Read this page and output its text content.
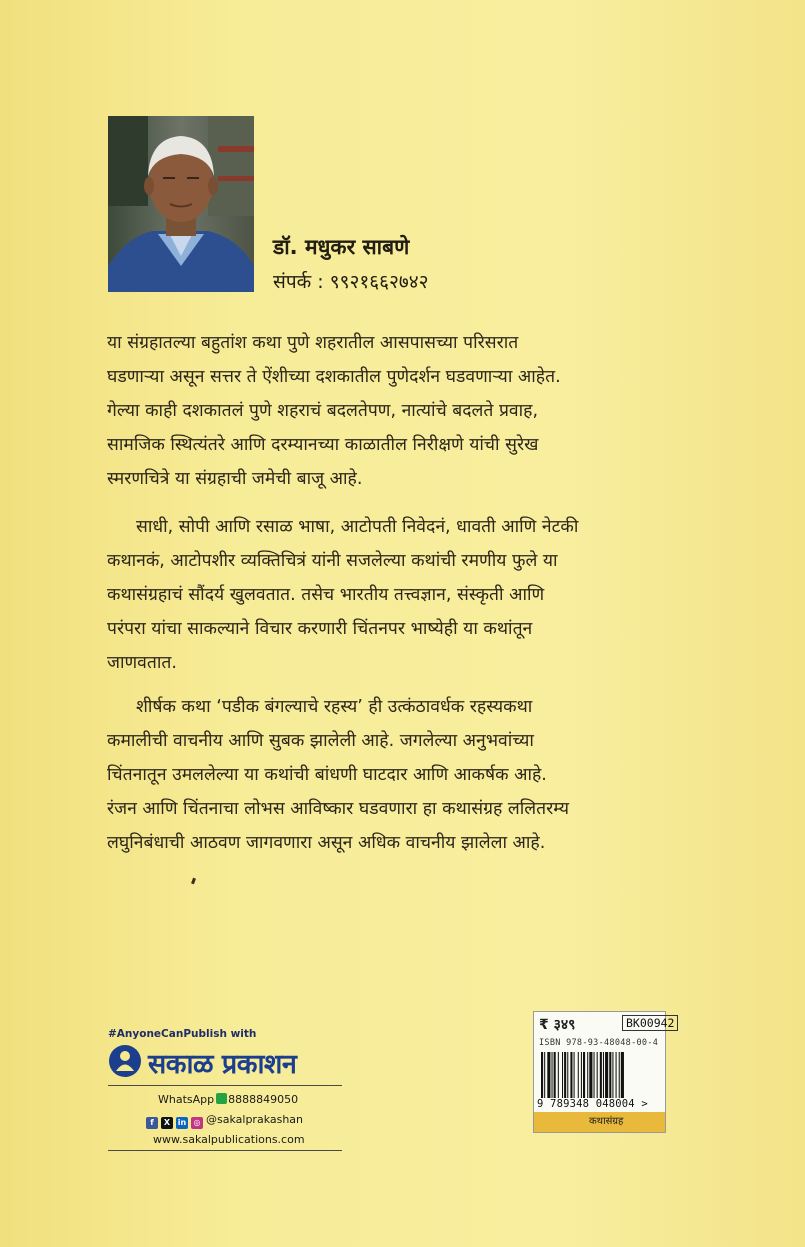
डॉ. मधुकर साबणे
संपर्क : ९९२१६६२७४२
या संग्रहातल्या बहुतांश कथा पुणे शहरातील आसपासच्या परिसरात
घडणाऱ्या असून सत्तर ते ऐंशीच्या दशकातील पुणेदर्शन घडवणाऱ्या आहेत.
गेल्या काही दशकातलं पुणे शहराचं बदलतेपण, नात्यांचे बदलते प्रवाह,
सामजिक स्थित्यंतरे आणि दरम्यानच्या काळातील निरीक्षणे यांची सुरेख
स्मरणचित्रे या संग्रहाची जमेची बाजू आहे.
साधी, सोपी आणि रसाळ भाषा, आटोपती निवेदनं, धावती आणि नेटकी
कथानकं, आटोपशीर व्यक्तिचित्रं यांनी सजलेल्या कथांची रमणीय फुले या
कथासंग्रहाचं सौंदर्य खुलवतात. तसेच भारतीय तत्त्वज्ञान, संस्कृती आणि
परंपरा यांचा साकल्याने विचार करणारी चिंतनपर भाष्येही या कथांतून
जाणवतात.
शीर्षक कथा ‘पडीक बंगल्याचे रहस्य’ ही उत्कंठावर्धक रहस्यकथा
कमालीची वाचनीय आणि सुबक झालेली आहे. जगलेल्या अनुभवांच्या
चिंतनातून उमललेल्या या कथांची बांधणी घाटदार आणि आकर्षक आहे.
रंजन आणि चिंतनाचा लोभस आविष्कार घडवणारा हा कथासंग्रह ललितरम्य
लघुनिबंधाची आठवण जागवणारा असून अधिक वाचनीय झालेला आहे.
#AnyoneCanPublish with
सकाळ प्रकाशन
WhatsApp 8888849050
f X in ◎ @sakalprakashan
www.sakalpublications.com
₹ ३४९	BK00942
ISBN 978-93-48048-00-4
9 789348 048004 >
कथासंग्रह
